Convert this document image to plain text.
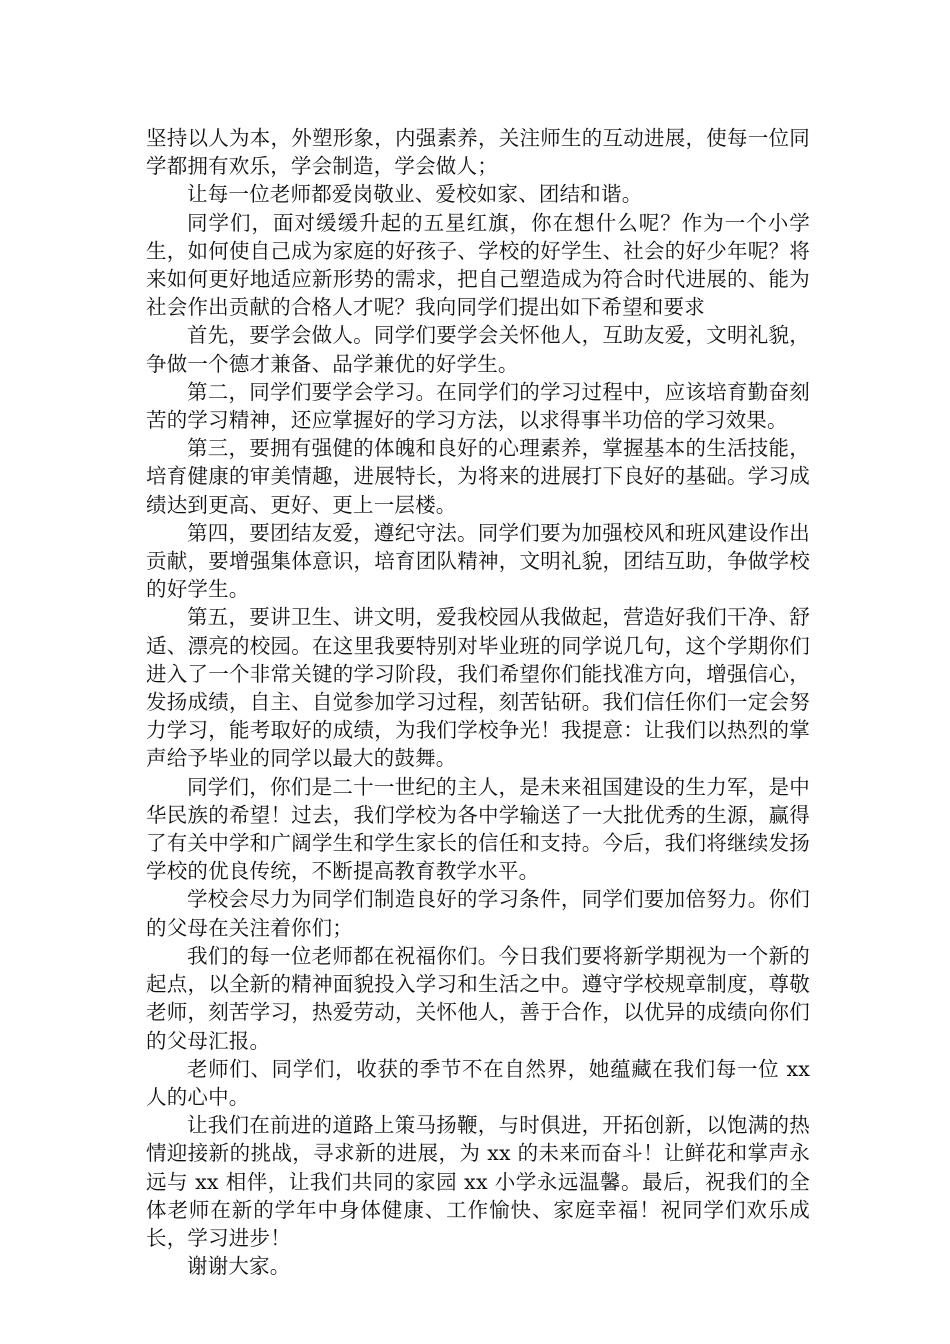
坚持以人为本，外塑形象，内强素养，关注师生的互动进展，使每一位同学都拥有欢乐，学会制造，学会做人；

让每一位老师都爱岗敬业、爱校如家、团结和谐。

同学们，面对缓缓升起的五星红旗，你在想什么呢？作为一个小学生，如何使自己成为家庭的好孩子、学校的好学生、社会的好少年呢？将来如何更好地适应新形势的需求，把自己塑造成为符合时代进展的、能为社会作出贡献的合格人才呢？我向同学们提出如下希望和要求

首先，要学会做人。同学们要学会关怀他人，互助友爱，文明礼貌，争做一个德才兼备、品学兼优的好学生。

第二，同学们要学会学习。在同学们的学习过程中，应该培育勤奋刻苦的学习精神，还应掌握好的学习方法，以求得事半功倍的学习效果。

第三，要拥有强健的体魄和良好的心理素养，掌握基本的生活技能，培育健康的审美情趣，进展特长，为将来的进展打下良好的基础。学习成绩达到更高、更好、更上一层楼。

第四，要团结友爱，遵纪守法。同学们要为加强校风和班风建设作出贡献，要增强集体意识，培育团队精神，文明礼貌，团结互助，争做学校的好学生。

第五，要讲卫生、讲文明，爱我校园从我做起，营造好我们干净、舒适、漂亮的校园。在这里我要特别对毕业班的同学说几句，这个学期你们进入了一个非常关键的学习阶段，我们希望你们能找准方向，增强信心，发扬成绩，自主、自觉参加学习过程，刻苦钻研。我们信任你们一定会努力学习，能考取好的成绩，为我们学校争光！我提意：让我们以热烈的掌声给予毕业的同学以最大的鼓舞。

同学们，你们是二十一世纪的主人，是未来祖国建设的生力军，是中华民族的希望！过去，我们学校为各中学输送了一大批优秀的生源，赢得了有关中学和广阔学生和学生家长的信任和支持。今后，我们将继续发扬学校的优良传统，不断提高教育教学水平。

学校会尽力为同学们制造良好的学习条件，同学们要加倍努力。你们的父母在关注着你们；

我们的每一位老师都在祝福你们。今日我们要将新学期视为一个新的起点，以全新的精神面貌投入学习和生活之中。遵守学校规章制度，尊敬老师，刻苦学习，热爱劳动，关怀他人，善于合作，以优异的成绩向你们的父母汇报。

老师们、同学们，收获的季节不在自然界，她蕴藏在我们每一位 xx 人的心中。

让我们在前进的道路上策马扬鞭，与时俱进，开拓创新，以饱满的热情迎接新的挑战，寻求新的进展，为 xx 的未来而奋斗！让鲜花和掌声永远与 xx 相伴，让我们共同的家园 xx 小学永远温馨。最后，祝我们的全体老师在新的学年中身体健康、工作愉快、家庭幸福！祝同学们欢乐成长，学习进步！

谢谢大家。
